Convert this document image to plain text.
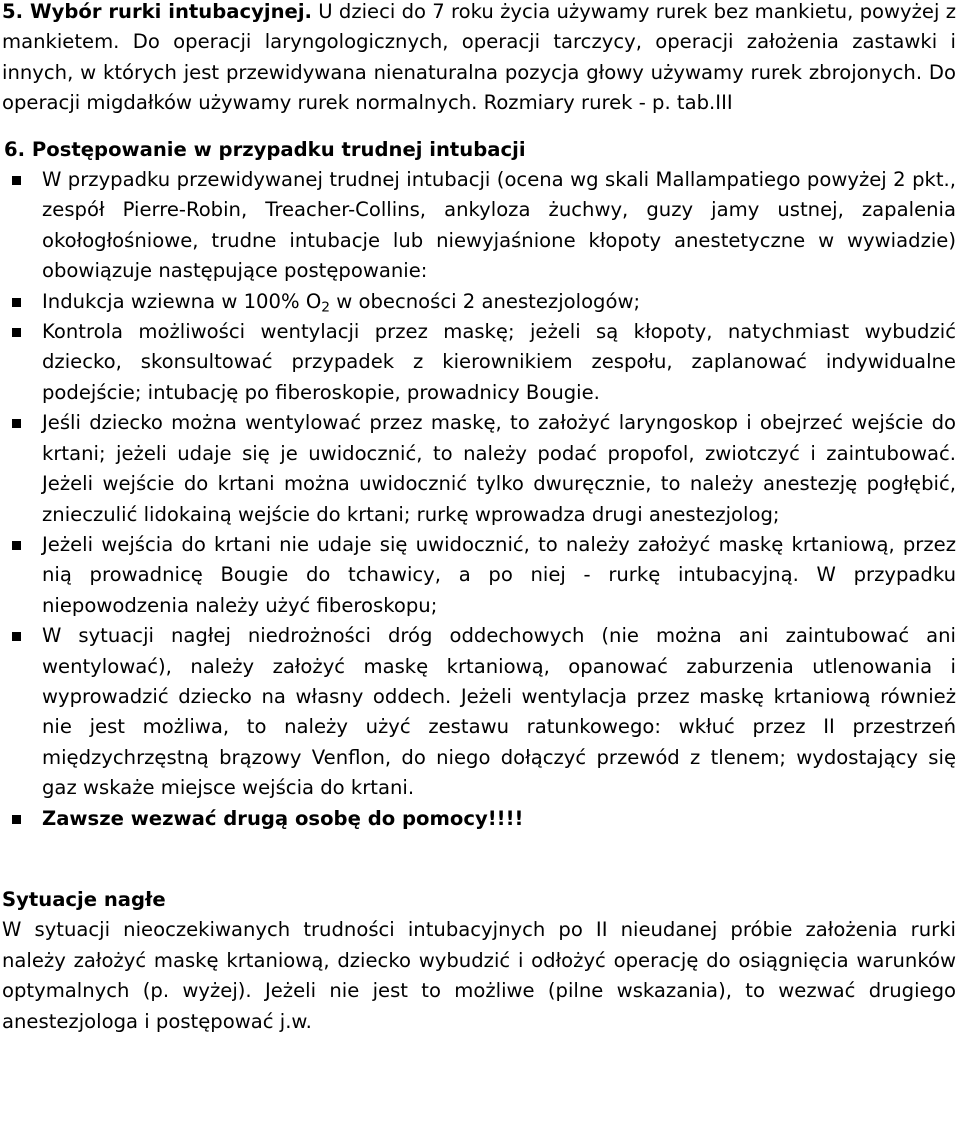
5. Wybór rurki intubacyjnej. U dzieci do 7 roku życia używamy rurek bez mankietu, powyżej z mankietem. Do operacji laryngologicznych, operacji tarczycy, operacji założenia zastawki i innych, w których jest przewidywana nienaturalna pozycja głowy używamy rurek zbrojonych. Do operacji migdałków używamy rurek normalnych. Rozmiary rurek - p. tab.III

6. Postępowanie w przypadku trudnej intubacji

W przypadku przewidywanej trudnej intubacji (ocena wg skali Mallampatiego powyżej 2 pkt., zespół Pierre-Robin, Treacher-Collins, ankyloza żuchwy, guzy jamy ustnej, zapalenia okołogłośniowe, trudne intubacje lub niewyjaśnione kłopoty anestetyczne w wywiadzie) obowiązuje następujące postępowanie:
Indukcja wziewna w 100% $O_2$ w obecności 2 anestezjologów;
Kontrola możliwości wentylacji przez maskę; jeżeli są kłopoty, natychmiast wybudzić dziecko, skonsultować przypadek z kierownikiem zespołu, zaplanować indywidualne podejście; intubację po fiberoskopie, prowadnicy Bougie.
Jeśli dziecko można wentylować przez maskę, to założyć laryngoskop i obejrzeć wejście do krtani; jeżeli udaje się je uwidocznić, to należy podać propofol, zwiotczyć i zaintubować. Jeżeli wejście do krtani można uwidocznić tylko dwuręcznie, to należy anestezję pogłębić, znieczulić lidokainą wejście do krtani; rurkę wprowadza drugi anestezjolog;
Jeżeli wejścia do krtani nie udaje się uwidocznić, to należy założyć maskę krtaniową, przez nią prowadnicę Bougie do tchawicy, a po niej - rurkę intubacyjną. W przypadku niepowodzenia należy użyć fiberoskopu;
W sytuacji nagłej niedrożności dróg oddechowych (nie można ani zaintubować ani wentylować), należy założyć maskę krtaniową, opanować zaburzenia utlenowania i wyprowadzić dziecko na własny oddech. Jeżeli wentylacja przez maskę krtaniową również nie jest możliwa, to należy użyć zestawu ratunkowego: wkłuć przez II przestrzeń międzychrzęstną brązowy Venflon, do niego dołączyć przewód z tlenem; wydostający się gaz wskaże miejsce wejścia do krtani.
Zawsze wezwać drugą osobę do pomocy!!!!

Sytuacje nagłe

W sytuacji nieoczekiwanych trudności intubacyjnych po II nieudanej próbie założenia rurki należy założyć maskę krtaniową, dziecko wybudzić i odłożyć operację do osiągnięcia warunków optymalnych (p. wyżej). Jeżeli nie jest to możliwe (pilne wskazania), to wezwać drugiego anestezjologa i postępować j.w.
